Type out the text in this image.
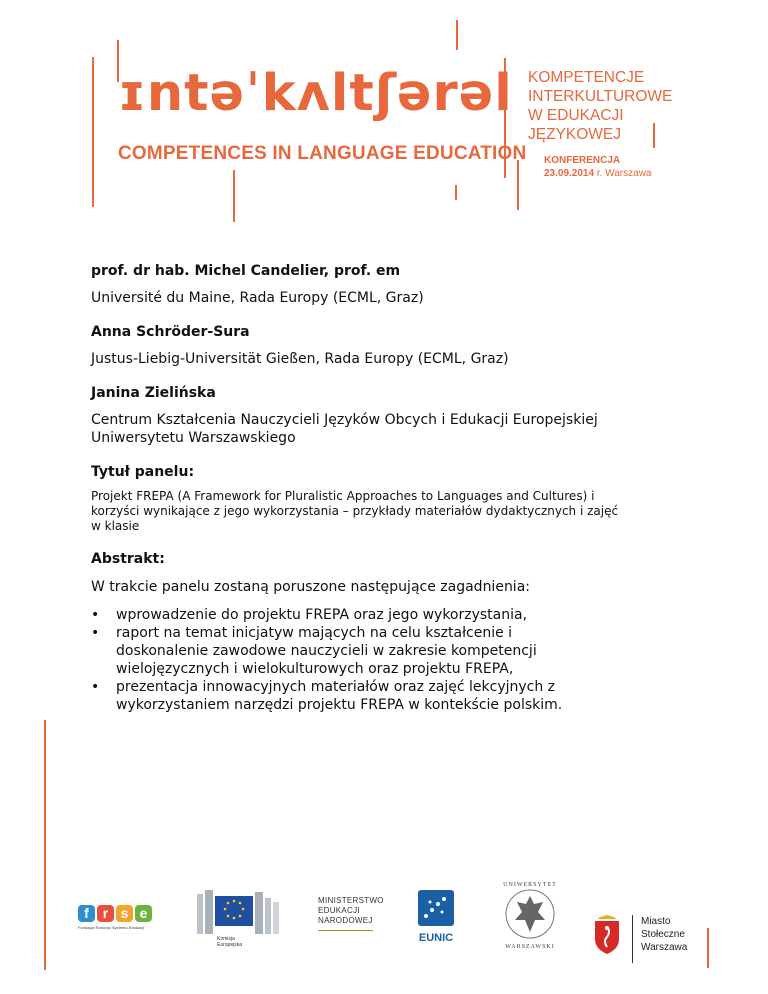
ɪntəˈkʌltʃərəl
COMPETENCES IN LANGUAGE EDUCATION
KOMPETENCJE
INTERKULTUROWE
W EDUKACJI
JĘZYKOWEJ
KONFERENCJA
23.09.2014 r. Warszawa

prof. dr hab. Michel Candelier, prof. em

Université du Maine, Rada Europy (ECML, Graz)

Anna Schröder-Sura

Justus-Liebig-Universität Gießen, Rada Europy (ECML, Graz)

Janina Zielińska

Centrum Kształcenia Nauczycieli Języków Obcych i Edukacji Europejskiej Uniwersytetu Warszawskiego

Tytuł panelu:

Projekt FREPA (A Framework for Pluralistic Approaches to Languages and Cultures) i korzyści wynikające z jego wykorzystania – przykłady materiałów dydaktycznych i zajęć w klasie

Abstrakt:

W trakcie panelu zostaną poruszone następujące zagadnienia:

• wprowadzenie do projektu FREPA oraz jego wykorzystania,
• raport na temat inicjatyw mających na celu kształcenie i doskonalenie zawodowe nauczycieli w zakresie kompetencji wielojęzycznych i wielokulturowych oraz projektu FREPA,
• prezentacja innowacyjnych materiałów oraz zajęć lekcyjnych z wykorzystaniem narzędzi projektu FREPA w kontekście polskim.
f r s e
Fundacja Rozwoju Systemu Edukacji
Komisja
Europejska
MINISTERSTWO
EDUKACJI
NARODOWEJ
EUNIC
UNIWERSYTET
WARSZAWSKI
Miasto
Stołeczne
Warszawa
